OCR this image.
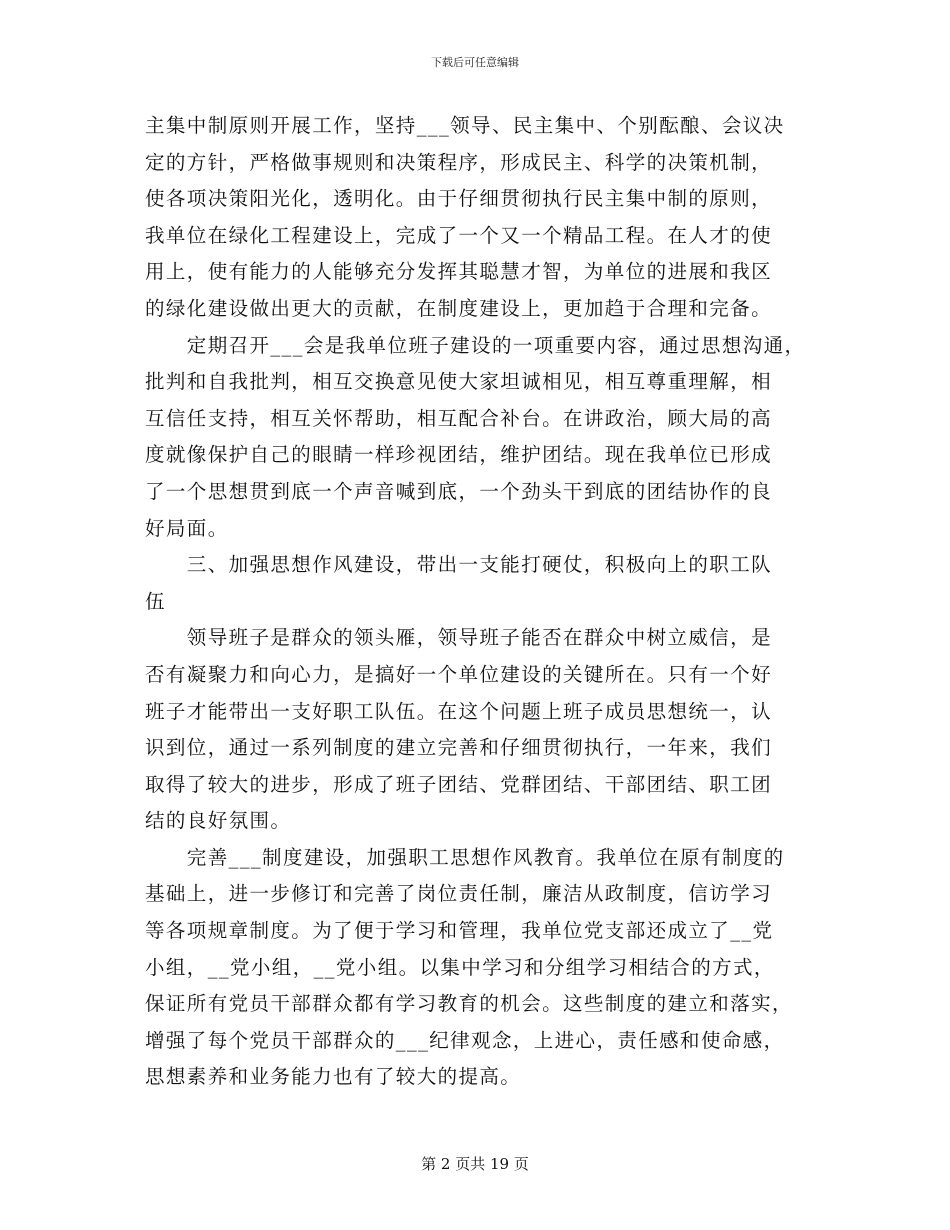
下载后可任意编辑
主集中制原则开展工作，坚持___领导、民主集中、个别酝酿、会议决
定的方针，严格做事规则和决策程序，形成民主、科学的决策机制，
使各项决策阳光化，透明化。由于仔细贯彻执行民主集中制的原则，
我单位在绿化工程建设上，完成了一个又一个精品工程。在人才的使
用上，使有能力的人能够充分发挥其聪慧才智，为单位的进展和我区
的绿化建设做出更大的贡献，在制度建设上，更加趋于合理和完备。
　　定期召开___会是我单位班子建设的一项重要内容，通过思想沟通，
批判和自我批判，相互交换意见使大家坦诚相见，相互尊重理解，相
互信任支持，相互关怀帮助，相互配合补台。在讲政治，顾大局的高
度就像保护自己的眼睛一样珍视团结，维护团结。现在我单位已形成
了一个思想贯到底一个声音喊到底，一个劲头干到底的团结协作的良
好局面。
　　三、加强思想作风建设，带出一支能打硬仗，积极向上的职工队
伍
　　领导班子是群众的领头雁，领导班子能否在群众中树立威信，是
否有凝聚力和向心力，是搞好一个单位建设的关键所在。只有一个好
班子才能带出一支好职工队伍。在这个问题上班子成员思想统一，认
识到位，通过一系列制度的建立完善和仔细贯彻执行，一年来，我们
取得了较大的进步，形成了班子团结、党群团结、干部团结、职工团
结的良好氛围。
　　完善___制度建设，加强职工思想作风教育。我单位在原有制度的
基础上，进一步修订和完善了岗位责任制，廉洁从政制度，信访学习
等各项规章制度。为了便于学习和管理，我单位党支部还成立了__党
小组，__党小组，__党小组。以集中学习和分组学习相结合的方式，
保证所有党员干部群众都有学习教育的机会。这些制度的建立和落实，
增强了每个党员干部群众的___纪律观念，上进心，责任感和使命感，
思想素养和业务能力也有了较大的提高。
第 2 页共 19 页
